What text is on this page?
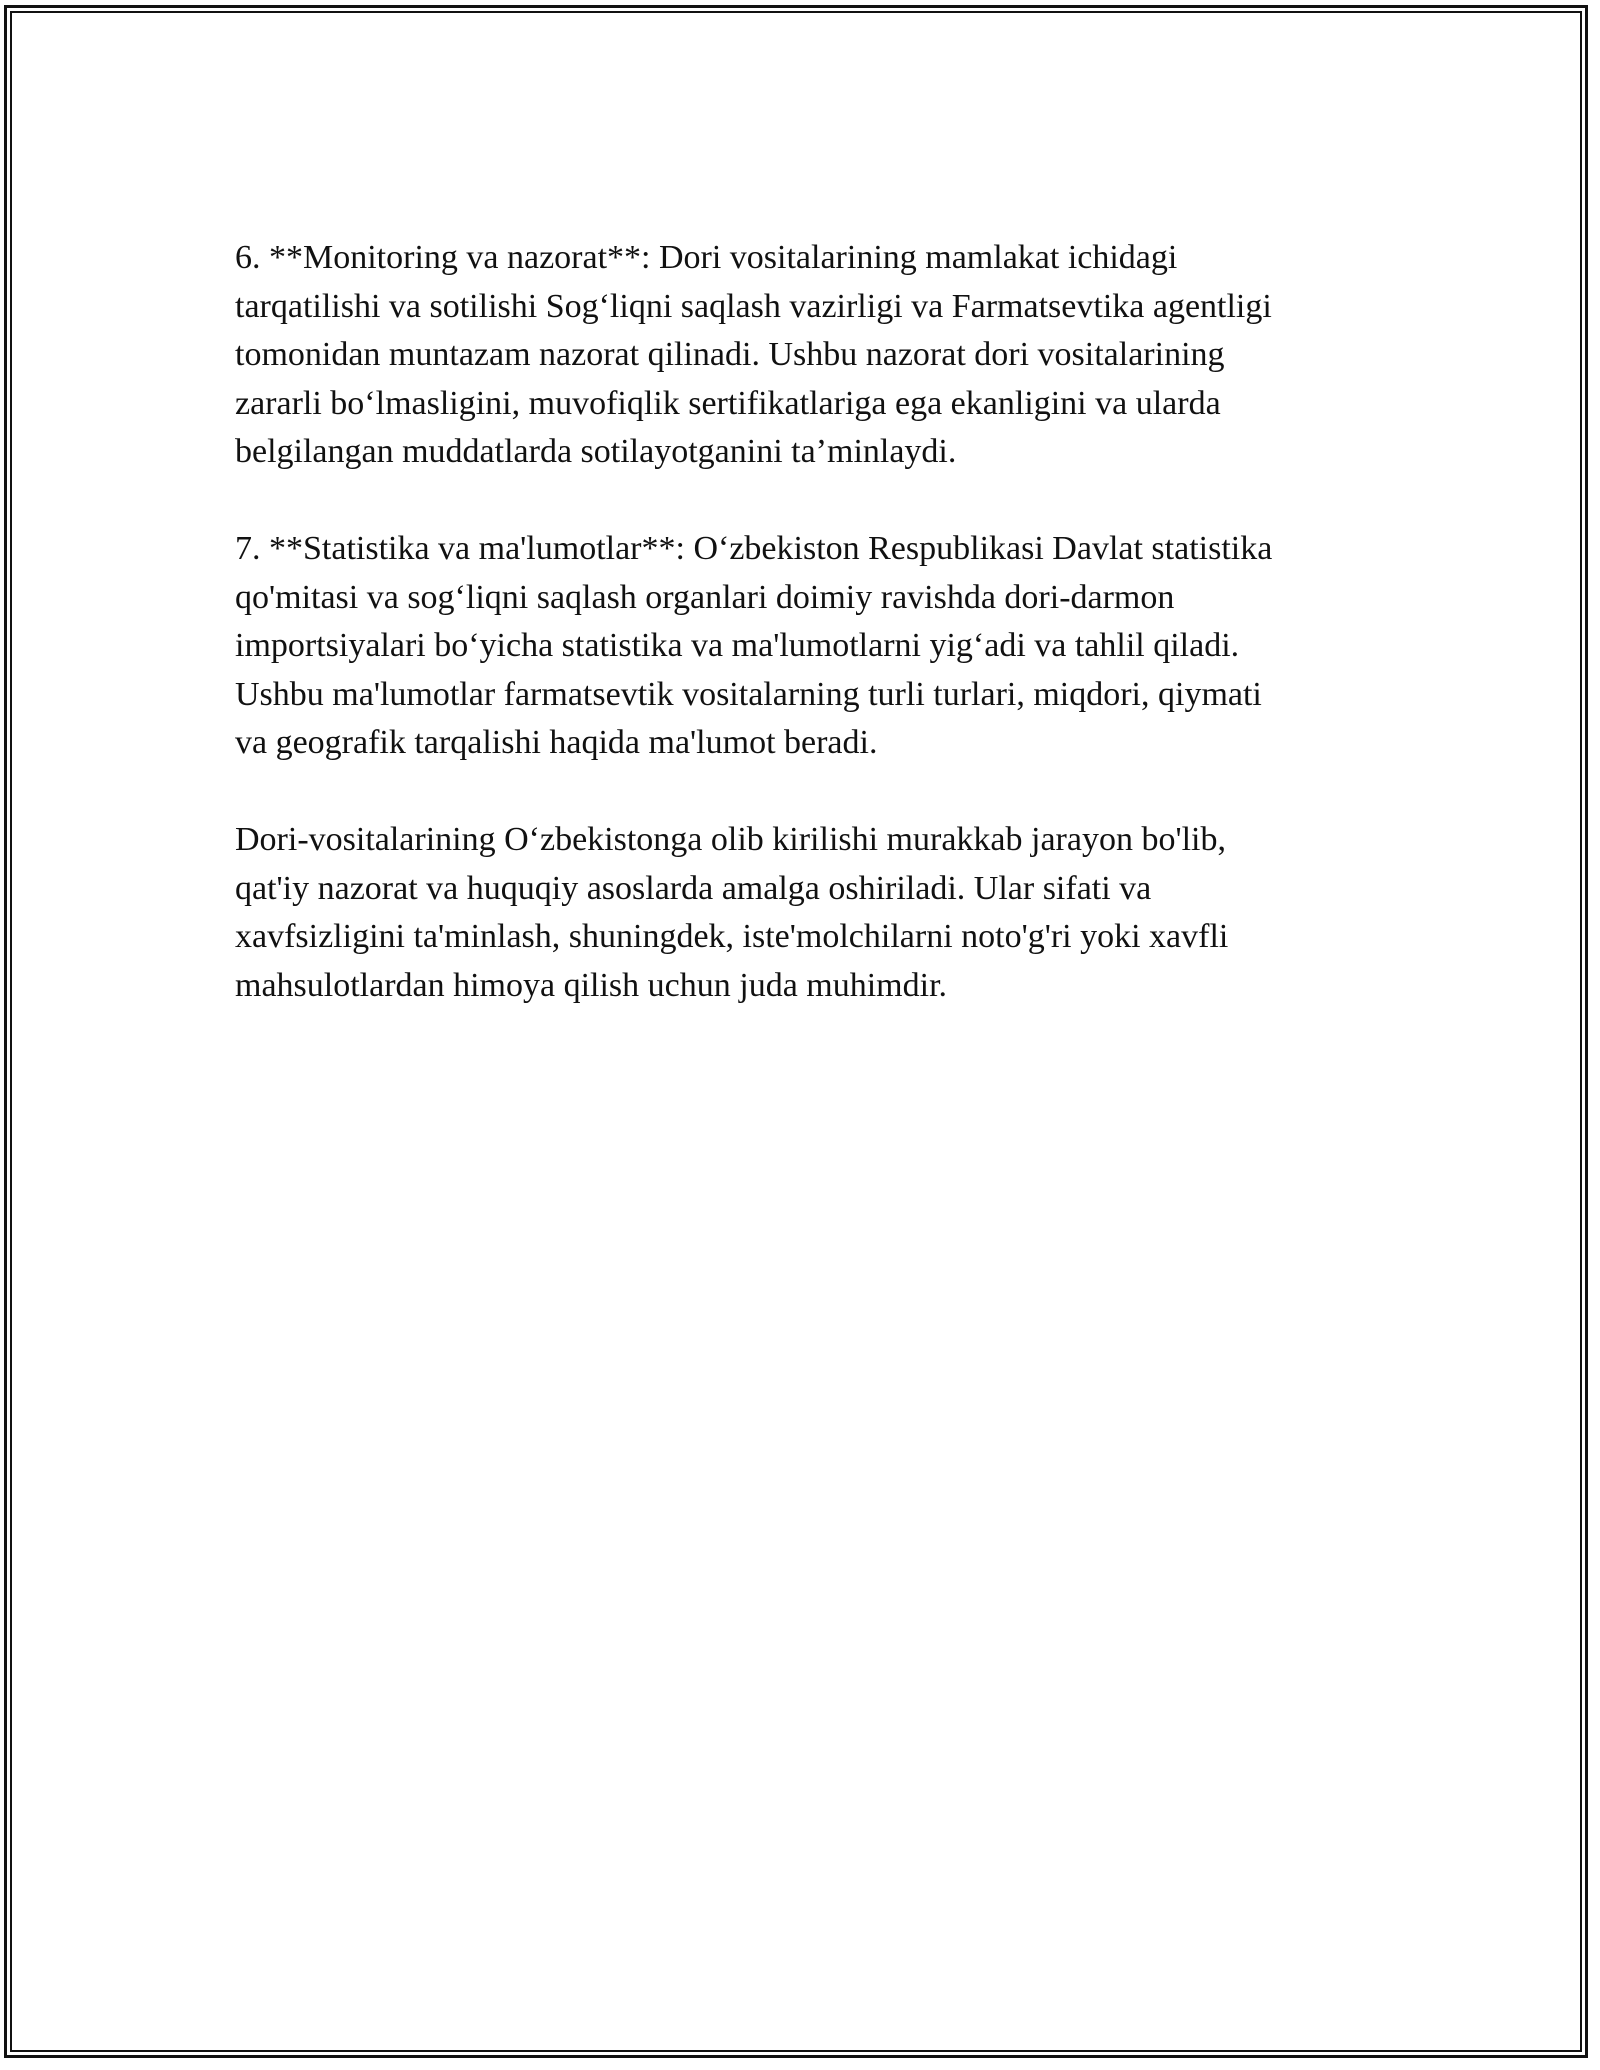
6. **Monitoring va nazorat**: Dori vositalarining mamlakat ichidagi
tarqatilishi va sotilishi Sog‘liqni saqlash vazirligi va Farmatsevtika agentligi
tomonidan muntazam nazorat qilinadi. Ushbu nazorat dori vositalarining
zararli bo‘lmasligini, muvofiqlik sertifikatlariga ega ekanligini va ularda
belgilangan muddatlarda sotilayotganini ta’minlaydi.

7. **Statistika va ma'lumotlar**: O‘zbekiston Respublikasi Davlat statistika
qo'mitasi va sog‘liqni saqlash organlari doimiy ravishda dori-darmon
importsiyalari bo‘yicha statistika va ma'lumotlarni yig‘adi va tahlil qiladi.
Ushbu ma'lumotlar farmatsevtik vositalarning turli turlari, miqdori, qiymati
va geografik tarqalishi haqida ma'lumot beradi.

Dori-vositalarining O‘zbekistonga olib kirilishi murakkab jarayon bo'lib,
qat'iy nazorat va huquqiy asoslarda amalga oshiriladi. Ular sifati va
xavfsizligini ta'minlash, shuningdek, iste'molchilarni noto'g'ri yoki xavfli
mahsulotlardan himoya qilish uchun juda muhimdir.
